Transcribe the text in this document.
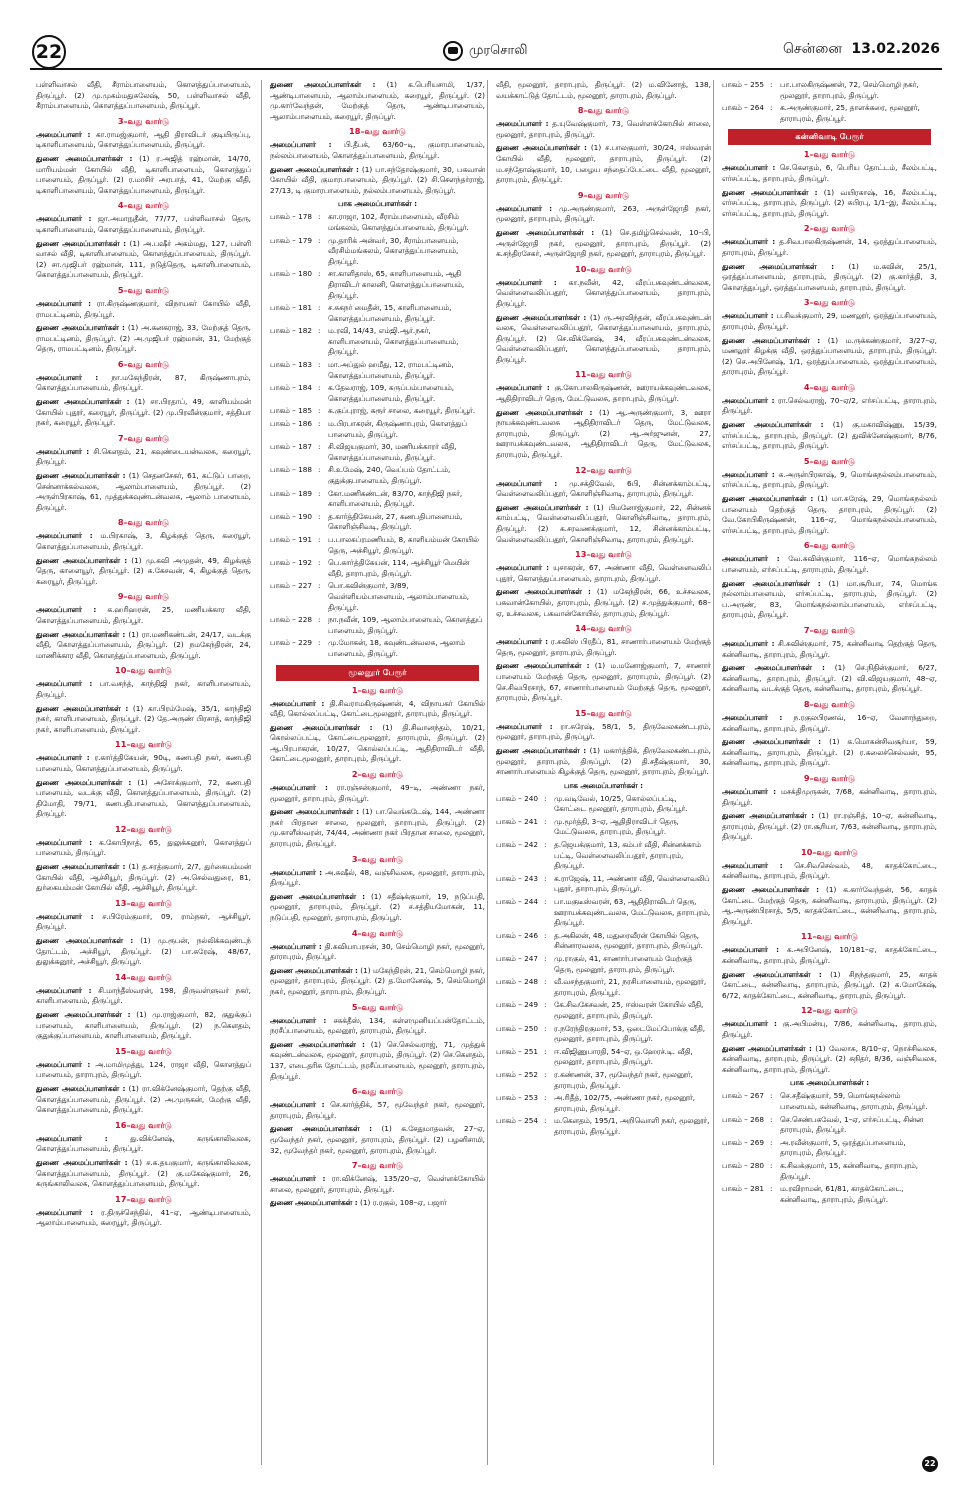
22	முரசொலி	சென்னை 13.02.2026

பள்ளிவாசல் வீதி, சீராம்பாளையம், கொளத்துப்பாளையம், திருப்பூர். (2) மு.முகம்மதுசுலேஷ், 50, பள்ளிவாசல் வீதி, சீராம்பாளையம், கொளத்துப்பாளையம், திருப்பூர்.

3–வது வார்டு

அமைப்பாளர் : கா.ராமஜ்குமார், ஆதி திராவிடர் குடியிருப்பு, டிகாளிபாளையம், கொளத்துப்பாளையம், திருப்பூர்.

துணை அமைப்பாளர்கள் : (1) ர.அஜித் ரஹ்மான், 14/70, மாரியம்மன் கோயில் வீதி, டிகாளிபாளையம், கொளத்துப் பாளையம், திருப்பூர். (2) ர.மாசிர் அரபாத், 41, மேற்கு வீதி, டிகாளிபாளையம், கொளத்துப்பாளையம், திருப்பூர்.

4–வது வார்டு

அமைப்பாளர் : ஜா.அமாநுதீன், 77/77, பள்ளிவாசல் தெரு, டிகாளிபாளையம், கொளத்துப்பாளையம், திருப்பூர்.

துணை அமைப்பாளர்கள் : (1) அ.பஷீர் அகம்மது, 127, பள்ளி வாசல் வீதி, டிகாளிபாளையம், கொளத்துப்பாளையம், திருப்பூர். (2) சா.முஜிபர் ரஹ்மான், 111, நடுத்தெரு, டிகாளிபாளையம், கொளத்துப்பாளையம், திருப்பூர்.

5–வது வார்டு

அமைப்பாளர் : ரா.கிருஷ்ணகுமார், விநாயகர் கோயில் வீதி, ராமபட்டினம், திருப்பூர்.

துணை அமைப்பாளர்கள் : (1) அ.கனகராஜ், 33, மேற்குத் தெரு, ராமபட்டினம், திருப்பூர். (2) அ.முஜிபர் ரஹ்மான், 31, மேற்குத் தெரு, ராமபட்டினம், திருப்பூர்.

6–வது வார்டு

அமைப்பாளர் : நா.மகேந்திரன், 87, கிருஷ்ணாபுரம், கொளத்துப்பாளையம், திருப்பூர்.

துணை அமைப்பாளர்கள் : (1) சா.பிரதாப், 49, காளியம்மன் கோயில் புதூர், கரையூர், திருப்பூர். (2) மு.பிரவீன்குமார், சத்தியா நகர், கரையூர், திருப்பூர்.

7–வது வார்டு

அமைப்பாளர் : சி.கௌதம், 21, கவுண்டையன்வலசு, கரையூர், திருப்பூர்.

துணை அமைப்பாளர்கள் : (1) செதனசேகர், 61, கட்டுப் பாறை, சென்னாக்கல்வலசு, ஆலாம்பாளையம், திருப்பூர். (2) அருள்பிரகாஷ், 61, முத்துக்கவுண்டன்வலசு, ஆலாம் பாளையம், திருப்பூர்.

8–வது வார்டு

அமைப்பாளர் : ம.பிரகாஷ், 3, கிழக்குத் தெரு, கரையூர், கொளத்துப்பாளையம், திருப்பூர்.

துணை அமைப்பாளர்கள் : (1) மு.கவி அமுதன், 49, கிழக்குத் தெரு, காளையூர், திருப்பூர். (2) க.கேசவன், 4, கிழக்குத் தெரு, கரையூர், திருப்பூர்.

9–வது வார்டு

அமைப்பாளர் : க.ஹரிஹரன், 25, மணியக்கார வீதி, கொளத்துப்பாளையம், திருப்பூர்.

துணை அமைப்பாளர்கள் : (1) ரா.மணிகண்டன், 24/17, வடக்கு வீதி, கொளத்துப்பாளையம், திருப்பூர். (2) நமகேந்திரன், 24, மாணிக்கார வீதி, கொளத்துப்பாளையம், திருப்பூர்.

10–வது வார்டு

அமைப்பாளர் : பா.வசந்த், காந்திஜி நகர், காளிபாளையம், திருப்பூர்.

துணை அமைப்பாளர்கள் : (1) கா.பிரம்மேஷ், 35/1, காந்திஜி நகர், காளிபாளையம், திருப்பூர். (2) தே.அருண் பிரசாத், காந்திஜி நகர், காளிபாளையம், திருப்பூர்.

11–வது வார்டு

அமைப்பாளர் : ர.கார்த்திகேயன், 90டி, கணபதி நகர், கணபதி பாளையம், கொளத்துப்பாளையம், திருப்பூர்.

துணை அமைப்பாளர்கள் : (1) அசோக்குமார், 72, கணபதி பாளையம், வடக்கு வீதி, கொளத்துப்பாளையம், திருப்பூர். (2) திமோதி, 79/71, கணபதிபாளையம், கொளத்துப்பாளையம், திருப்பூர்.

12–வது வார்டு

அமைப்பாளர் : க.கோபிநாத், 65, துலுக்கனூர், கொளத்துப் பாளையம், திருப்பூர்.

துணை அமைப்பாளர்கள் : (1) த.சரத்குமார், 2/7, துர்கையம்மன் கோயில் வீதி, ஆச்சியூர், திருப்பூர். (2) அ.செல்வதுரை, 81, துர்கையம்மன் கோயில் வீதி, ஆச்சியூர், திருப்பூர்.

13–வது வார்டு

அமைப்பாளர் : ச.பிரேம்குமார், 09, ராம்நகர், ஆச்சியூர், திருப்பூர்.

துணை அமைப்பாளர்கள் : (1) மு.ரூபன், நல்லிக்கவுண்டந் தோட்டம், அச்சியூர், திருப்பூர். (2) பா.சுரேஷ், 48/67, துலுக்கனூர், அச்சியூர், திருப்பூர்.

14–வது வார்டு

அமைப்பாளர் : சி.மாந்தீஸ்வரன், 198, திருவள்ளுவர் நகர், காளிபாளையம், திருப்பூர்.

துணை அமைப்பாளர்கள் : (1) மு.ராஜ்குமார், 82, குதுக்குப் பாளையம், காளிபாளையம், திருப்பூர். (2) ந.கௌதம், குதுக்குப்பாளையம், காளிபாளையம், திருப்பூர்.

15–வது வார்டு

அமைப்பாளர் : அ.மாமிமுத்து, 124, ராஜா வீதி, கொளத்துப் பாளையம், தாராபுரம், திருப்பூர்.

துணை அமைப்பாளர்கள் : (1) ரா.விக்னேஷ்குமார், தெற்கு வீதி, கொளத்துப்பாளையம், திருப்பூர். (2) அ.முருகன், மேற்கு வீதி, கொளத்துப்பாளையம், திருப்பூர்.

16–வது வார்டு

அமைப்பாளர் : து.விக்னேஷ், கருங்காலிவலசு, கொளத்துப்பாளையம், திருப்பூர்.

துணை அமைப்பாளர்கள் : (1) ச.க.தயகுமார், கருங்காலிவலசு, கொளத்துப்பாளையம், திருப்பூர். (2) கு.மகேஷ்குமார், 26, கருங்காலிவலசு, கொளத்துப்பாளையம், திருப்பூர்.

17–வது வார்டு

அமைப்பாளர் : ர.திருச்செந்தில், 41–ஏ, ஆண்டிபாளையம், ஆலாம்பாளையம், கரையூர், திருப்பூர்.

துணை அமைப்பாளர்கள் : (1) க.பெரியசாமி, 1/37, ஆண்டிபாளையம், ஆலாம்பாளையம், கரையூர், திருப்பூர். (2) மு.கார்வேந்தன், மேற்குத் தெரு, ஆண்டிபாளையம், ஆலாம்பாளையம், கரையூர், திருப்பூர்.

18–வது வார்டு

அமைப்பாளர் : பி.தீபக், 63/60–டி, குமாரபாளையம், நல்லம்பாளையம், கொளத்துப்பாளையம், திருப்பூர்.

துணை அமைப்பாளர்கள் : (1) பா.சந்தோஷ்குமார், 30, பகவான் கோயில் வீதி, குமாரபாளையம், திருப்பூர். (2) சி.சௌந்தர்ராஜ், 27/13, டி குமாரபாளையம், நல்லம்பாளையம், திருப்பூர்.

பாக அமைப்பாளர்கள் :
பாகம் – 178 :	கா.ராஜா, 102, சீராம்பாளையம், வீரசிம் மங்கலம், கொளத்துப்பாளையம், திருப்பூர்.
பாகம் – 179 :	மு.தாரிக் அன்வர், 30, சீராம்பாளையம், வீரசிம்மங்கலம், கொளத்துப்பாளையம், திருப்பூர்.
பாகம் – 180 :	சா.காளிதாஸ், 65, காளிபாளையம், ஆதி திராவிடர் காலனி, கொளத்துப்பாளையம், திருப்பூர்.
பாகம் – 181 :	ச.சுகநர் மைதீன், 15, காளிபாளையம், கொளத்துப்பாளையம், திருப்பூர்.
பாகம் – 182 :	ம.ரவி, 14/43, எம்ஜி.ஆர்.நகர், காளிபாளையம், கொளத்துப்பாளையம், திருப்பூர்.
பாகம் – 183 :	மா.அப்துல் ஹமீது, 12, ராமபட்டினம், கொளத்துப்பாளையம், திருப்பூர்.
பாகம் – 184 :	க.தேவராஜ், 109, கருப்பம்பாளையம், கொளத்துப்பாளையம், திருப்பூர்.
பாகம் – 185 :	க.குப்புராஜ், கரூர் சாலை, கரையூர், திருப்பூர்.
பாகம் – 186 :	ம.பிரபாகரன், கிருஷ்ணாபுரம், கொளத்துப் பாளையம், திருப்பூர்.
பாகம் – 187 :	சி.விஜயகுமார், 30, மணியக்காரர் வீதி, கொளத்துப்பாளையம், திருப்பூர்.
பாகம் – 188 :	சி.உமேஷ், 240, வெப்பம் தோட்டம், குதுக்குபாளையம், திருப்பூர்.
பாகம் – 189 :	கோ.மணிகண்டன், 83/70, காந்திஜி நகர், காளிபாளையம், திருப்பூர்.
பாகம் – 190 :	த.கார்த்திகேயன், 27, கணபதிபாளையம், கொளிஞ்சிவடி, திருப்பூர்.
பாகம் – 191 :	ப.பாலசுப்ரமணியம், 8, காளியம்மன் கோயில் தெரு, அச்சியூர், திருப்பூர்.
பாகம் – 192 :	பெ.கார்த்திகேயன், 114, ஆச்சியூர் மெயின் வீதி, தாராபுரம், திருப்பூர்.
பாகம் – 227 :	பொ.கவின்குமார், 3/89, வெள்ளியம்பாளையம், ஆலாம்பாளையம், திருப்பூர்.
பாகம் – 228 :	நா.நவீன், 109, ஆலாம்பாளையம், கொளத்துப் பாளையம், திருப்பூர்.
பாகம் – 229 :	மு.மோகன், 18, கவுண்டன்வலசு, ஆலாம் பாளையம், திருப்பூர்.
மூலனூர் பேரூர்
1–வது வார்டு

அமைப்பாளர் : தி.சிவராமகிருஷ்ணன், 4, விநாயகர் கோயில் வீதி, கொல்லப்பட்டி, கோட்டைமூலனூர், தாராபுரம், திருப்பூர்.

துணை அமைப்பாளர்கள் : (1) தி.சிவானந்தம், 10/21, கொல்லப்பட்டி, கோட்டைமூலனூர், தாராபுரம், திருப்பூர். (2) ஆ.பிரபாகரன், 10/27, கொல்லப்பட்டி, ஆதிதிராவிடர் வீதி, கோட்டைமூலனூர், தாராபுரம், திருப்பூர்.

2–வது வார்டு

அமைப்பாளர் : ரா.ரஞ்சன்குமார், 49–டி, அண்ணா நகர், மூலனூர், தாராபுரம், திருப்பூர்.

துணை அமைப்பாளர்கள் : (1) பா.வெங்கடேஷ், 144, அண்ணா நகர் பிரதான சாலை, மூலனூர், தாராபுரம், திருப்பூர். (2) மு.காளீஸ்வரன், 74/44, அண்ணா நகர் பிரதான சாலை, மூலனூர், தாராபுரம், திருப்பூர்.

3–வது வார்டு

அமைப்பாளர் : அ.சுஷீல், 48, வஞ்சிவலசு, மூலனூர், தாராபுரம், திருப்பூர்.

துணை அமைப்பாளர்கள் : (1) சதீஷ்க்குமார், 19, நடுப்பதி, மூலனூர், தாராபுரம், திருப்பூர். (2) ச.சத்தியமோகன், 11, நடுப்பதி, மூலனூர், தாராபுரம், திருப்பூர்.

4–வது வார்டு

அமைப்பாளர் : தி.சுவியாபரசன், 30, செம்மொழி நகர், மூலனூர், தாராபுரம், திருப்பூர்.

துணை அமைப்பாளர்கள் : (1) மகேந்திரன், 21, செம்மொழி நகர், மூலனூர், தாராபுரம், திருப்பூர். (2) த.மோனேஷ், 5, செம்மொழி நகர், மூலனூர், தாராபுரம், திருப்பூர்.

5–வது வார்டு

அமைப்பாளர் : சசுக்தீஸ், 134, சுள்ளமுனியப்பன்தோட்டம், நரசீப்பாளையம், மூலனூர், தாராபுரம், திருப்பூர்.

துணை அமைப்பாளர்கள் : (1) செ.செல்வராஜ், 71, முத்துக் கவுண்டன்வலசு, மூலனூர், தாராபுரம், திருப்பூர். (2) செ.கௌதம், 137, எடைதரிசு தோட்டம், நரசீப்பாளையம், மூலனூர், தாராபுரம், திருப்பூர்.

6–வது வார்டு

அமைப்பாளர் : செ.கார்த்திக், 57, மூவேந்தர் நகர், மூலனூர், தாராபுரம், திருப்பூர்.

துணை அமைப்பாளர்கள் : (1) க.சேதுமாதவன், 27–ஏ, மூவேந்தர் நகர், மூலனூர், தாராபுரம், திருப்பூர். (2) பழனிசாமி, 32, மூவேந்தர் நகர், மூலனூர், தாராபுரம், திருப்பூர்.

7–வது வார்டு

அமைப்பாளர் : ரா.விக்னேஷ், 135/20–ஏ, வெள்ளக்கோயில் சாலை, மூலனூர், தாராபுரம், திருப்பூர்.

துணை அமைப்பாளர்கள் : (1) ர.ரகுல், 108–ஏ, பஜார்

வீதி, மூலனூர், தாராபுரம், திருப்பூர். (2) ம.வினோத், 138, வயக்காட்டுத் தோட்டம், மூலனூர், தாராபுரம், திருப்பூர்.

8–வது வார்டு

அமைப்பாளர் : த.யுவேஷ்குமார், 73, வெள்ளக்கோயில் சாலை, மூலனூர், தாராபுரம், திருப்பூர்.

துணை அமைப்பாளர்கள் : (1) ச.பாலகுமார், 30/24, ஈஸ்வரன் கோயில் வீதி, மூலனூர், தாராபுரம், திருப்பூர். (2) ம.சந்தோஷ்குமார், 10, பழைய சந்தைப்பேட்டை வீதி, மூலனூர், தாராபுரம், திருப்பூர்.

9–வது வார்டு

அமைப்பாளர் : மு.அருண்குமார், 263, அருள்ஜோதி நகர், மூலனூர், தாராபுரம், திருப்பூர்.

துணை அமைப்பாளர்கள் : (1) செ.தமிழ்செல்வன், 10–பி, அருள்ஜோதி நகர், மூலனூர், தாராபுரம், திருப்பூர். (2) க.சந்திரசேகர், அருள்ஜோதி நகர், மூலனூர், தாராபுரம், திருப்பூர்.

10–வது வார்டு

அமைப்பாளர் : கா.நவீன், 42, வீரப்பகவுண்டன்வலசு, வெள்ளைவலிப்பதூர், கொளத்துப்பாளையம், தாராபுரம், திருப்பூர்.

துணை அமைப்பாளர்கள் : (1) ரு.அரவிந்தன், வீரப்பகவுண்டன் வலசு, வெள்ளைவலிப்பதூர், கொளத்துப்பாளையம், தாராபுரம், திருப்பூர். (2) செ.விக்னேஷ், 34, வீரப்பகவுண்டன்வலசு, வெள்ளைவலிப்பதூர், கொளத்துப்பாளையம், தாராபுரம், திருப்பூர்.

11–வது வார்டு

அமைப்பாளர் : கு.கோபாலகிருஷ்ணன், ஊராயக்கவுண்டவலசு, ஆதிதிராவிடர் தெரு, மேட்டுவலசு, தாராபுரம், திருப்பூர்.

துணை அமைப்பாளர்கள் : (1) ஆ.அருண்குமார், 3, ஊரா நாயக்கவுண்டவலசு ஆதிதிராவிடர் தெரு, மேட்டுவலசு, தாராபுரம், திருப்பூர். (2) ஆ.அர்ஜுனன், 27, ஊராயக்கவுண்டவலசு, ஆதிதிராவிடர் தெரு, மேட்டுவலசு, தாராபுரம், திருப்பூர்.

12–வது வார்டு

அமைப்பாளர் : மு.சக்திவேல், 6பி, சின்னக்காம்பட்டி, வெள்ளைவலிப்பதூர், கொளிஞ்சிவாடி, தாராபுரம், திருப்பூர்.

துணை அமைப்பாளர்கள் : (1) பிமனோஜ்குமார், 22, சின்னக் காம்பட்டி, வெள்ளைவலிப்பதூர், கொளிஞ்சிவாடி, தாராபுரம், திருப்பூர். (2) க.சரவணக்குமார், 12, சின்னக்காம்பட்டி, வெள்ளைவலிப்பதூர், கொளிஞ்சிவாடி, தாராபுரம், திருப்பூர்.

13–வது வார்டு

அமைப்பாளர் : யுசாகரன், 67, அண்ணா வீதி, வெள்ளைவலிப் புதூர், கொளத்துப்பாளையம், தாராபுரம், திருப்பூர்.

துணை அமைப்பாளர்கள் : (1) மகேந்திரன், 66, உச்சவலசு, பகவான்கோயில், தாராபுரம், திருப்பூர். (2) ச.முத்துக்குமார், 68–ஏ, உச்சவலசு, பகவான்கோயில், தாராபுரம், திருப்பூர்.

14–வது வார்டு

அமைப்பாளர் : ர.சுவிஸ் பிரதீப், 81, சாணார்பாளையம் மேற்குத் தெரு, மூலனூர், தாராபுரம், திருப்பூர்.

துணை அமைப்பாளர்கள் : (1) ம.மனோஜ்குமார், 7, சாணார் பாளையம் மேற்குத் தெரு, மூலனூர், தாராபுரம், திருப்பூர். (2) செ.சிவபிரசாந், 67, சாணார்பாளையம் மேற்குத் தெரு, மூலனூர், தாராபுரம், திருப்பூர்.

15–வது வார்டு

அமைப்பாளர் : ரா.சுரேஷ், 58/1, 5, திருவேலகண்டபுரம், மூலனூர், தாராபுரம், திருப்பூர்.

துணை அமைப்பாளர்கள் : (1) மகார்த்திக், திருவேலகண்டபுரம், மூலனூர், தாராபுரம், திருப்பூர். (2) தி.சதீஷ்குமார், 30, சாணார்பாளையம் கிழக்குத் தெரு, மூலனூர், தாராபுரம், திருப்பூர்.

பாக அமைப்பாளர்கள் :
பாகம் – 240 :	மு.வடிவேல், 10/25, கொல்லப்பட்டி, கோட்டை மூலனூர், தாராபுரம், திருப்பூர்.
பாகம் – 241 :	மு.மூர்த்தி, 3–ஏ, ஆதிதிராவிடர் தெரு, மேட்டுவலசு, தாராபுரம், திருப்பூர்.
பாகம் – 242 :	த.ஜெயக்குமார், 13, கம்பர் வீதி, சின்னக்காம் பட்டி, வெள்ளைவலிப்பதூர், தாராபுரம், திருப்பூர்.
பாகம் – 243 :	க.ராஜேஷ், 11, அண்ணா வீதி, வெள்ளைவலிப் புதூர், தாராபுரம், திருப்பூர்.
பாகம் – 244 :	பா.மகுடீஸ்வரன், 63, ஆதிதிராவிடர் தெரு, ஊராயக்கவுண்டவலசு, மேட்டுவலசு, தாராபுரம், திருப்பூர்.
பாகம் – 246 :	த.அகிலன், 48, மதுரைவீரன் கோயில் தெரு, சின்னாரவலசு, மூலனூர், தாராபுரம், திருப்பூர்.
பாகம் – 247 :	மு.ராகுல், 41, சாணார்பாளையம் மேற்குத் தெரு, மூலனூர், தாராபுரம், திருப்பூர்.
பாகம் – 248 :	வீ.வசந்தகுமார், 21, நரசிபாளையம், மூலனூர், தாராபுரம், திருப்பூர்.
பாகம் – 249 :	கே.சிவகேசவன், 25, ஈஸ்வரன் கோயில் வீதி, மூலனூர், தாராபுரம், திருப்பூர்.
பாகம் – 250 :	ர.நரேந்திரகுமார், 53, ஒடைமேப்போக்கு வீதி, மூலனூர், தாராபுரம், திருப்பூர்.
பாகம் – 251 :	ஈ.விஜிணுபாரதி, 54–ஏ, ஒ.ஹேரச்.டி. வீதி, மூலனூர், தாராபுரம், திருப்பூர்.
பாகம் – 252 :	ர.கண்ணன், 37, மூவேந்தர் நகர், மூலனூர், தாராபுரம், திருப்பூர்.
பாகம் – 253 :	அ.ரிதீத், 102/75, அண்ணா நகர், மூலனூர், தாராபுரம், திருப்பூர்.
பாகம் – 254 :	ம.கௌதம், 195/1, அறிவொளி நகர், மூலனூர், தாராபுரம், திருப்பூர்.
பாகம் – 255 :	பா.பாலகிருஷ்ணன், 72, செம்மொழி நகர், மூலனூர், தாராபுரம், திருப்பூர்.
பாகம் – 264 :	க.அருண்குமார், 25, தாளக்கரை, மூலனூர், தாராபுரம், திருப்பூர்.
கன்னிவாடி பேரூர்
1–வது வார்டு

அமைப்பாளர் : செ.கௌதம், 6, பெரிய தோட்டம், சீலம்பட்டி, எர்சப்பட்டி, தாராபுரம், திருப்பூர்.

துணை அமைப்பாளர்கள் : (1) வயிரகாஷ், 16, சீலம்பட்டி, எர்சப்பட்டி, தாராபுரம், திருப்பூர். (2) சுபிரபு, 1/1–இ, சீலம்பட்டி, எர்சப்பட்டி, தாராபுரம், திருப்பூர்.

2–வது வார்டு

அமைப்பாளர் : த.சிவபாலகிருஷ்ணன், 14, ஒரத்துப்பாளையம், தாராபுரம், திருப்பூர்.

துணை அமைப்பாளர்கள் : (1) ம.கவின், 25/1, ஒரத்துப்பாளையம், தாராபுரம், திருப்பூர். (2) கு.கார்த்தி, 3, கொளத்துப்பூர், ஒரத்துப்பாளையம், தாராபுரம், திருப்பூர்.

3–வது வார்டு

அமைப்பாளர் : ப.சிவக்குமார், 29, மணலூர், ஒரத்துப்பாளையம், தாராபுரம், திருப்பூர்.

துணை அமைப்பாளர்கள் : (1) ம.ருக்கண்குமார், 3/27–ஏ, மணலூர் கிழக்கு வீதி, ஒரத்துப்பாளையம், தாராபுரம், திருப்பூர். (2) செ.அபினேஷ், 1/1, ஒரத்துப்பாளையம், ஒரத்துப்பாளையம், தாராபுரம், திருப்பூர்.

4–வது வார்டு

அமைப்பாளர் : ரா.செல்வராஜ், 70–ஏ/2, எர்சப்பட்டி, தாராபுரம், திருப்பூர்.

துணை அமைப்பாளர்கள் : (1) கு.மகாவிஷ்ணு, 15/39, எர்சப்பட்டி, தாராபுரம், திருப்பூர். (2) துவிக்னேஷ்குமார், 8/76, எர்சப்பட்டி, தாராபுரம், திருப்பூர்.

5–வது வார்டு

அமைப்பாளர் : க.அருள்பிரகாஷ், 9, மொங்கநல்லம்பாளையம், எர்சப்பட்டி, தாராபுரம், திருப்பூர்.

துணை அமைப்பாளர்கள் : (1) மா.சுரேஷ், 29, மொங்கநல்லம் பாளையம் தெற்குத் தெரு, தாராபுரம், திருப்பூர். (2) வே.கோபிகிருஷ்ணன், 116–ஏ, மொங்கநல்லம்பாளையம், எர்சப்பட்டி, தாராபுரம், திருப்பூர்.

6–வது வார்டு

அமைப்பாளர் : வே.சுவின்குமார், 116–ஏ, மொங்கநல்லம் பாளையம், எர்சப்பட்டி, தாராபுரம், திருப்பூர்.

துணை அமைப்பாளர்கள் : (1) மா.சூரியா, 74, மொங்க நல்லாம்பாளையம், எர்சப்பட்டி, தாராபுரம், திருப்பூர். (2) ப.அருண், 83, மொங்கநல்லாம்பாளையம், எர்சப்பட்டி, தாராபுரம், திருப்பூர்.

7–வது வார்டு

அமைப்பாளர் : சி.சுவின்குமார், 75, கன்னிவாடி தெற்குத் தெரு, கன்னிவாடி, தாராபுரம், திருப்பூர்.

துணை அமைப்பாளர்கள் : (1) செ.நிதின்குமார், 6/27, கன்னிவாடி, தாராபுரம், திருப்பூர். (2) வி.விஜயகுமார், 48–ஏ, கன்னிவாடி வடக்குத் தெரு, கன்னிவாடி, தாராபுரம், திருப்பூர்.

8–வது வார்டு

அமைப்பாளர் : ந.ரகுலபிரணவ், 16–ஏ, வேளாந்துறை, கன்னிவாடி, தாராபுரம், திருப்பூர்.

துணை அமைப்பாளர்கள் : (1) க.மொகன்சிவசூர்யா, 59, கன்னிவாடி, தாராபுரம், திருப்பூர். (2) ர.கலைச்செல்வன், 95, கன்னிவாடி, தாராபுரம், திருப்பூர்.

9–வது வார்டு

அமைப்பாளர் : மசக்திமுருகன், 7/68, கன்னிவாடி, தாராபுரம், திருப்பூர்.

துணை அமைப்பாளர்கள் : (1) ரா.ரஞ்சித், 10–ஏ, கன்னிவாடி, தாராபுரம், திருப்பூர். (2) ரா.சூரியா, 7/63, கன்னிவாடி, தாராபுரம், திருப்பூர்.

10–வது வார்டு

அமைப்பாளர் : செ.சிவசெல்வம், 48, காதக்கோட்டை, கன்னிவாடி, தாராபுரம், திருப்பூர்.

துணை அமைப்பாளர்கள் : (1) க.கார்வேந்தன், 56, காதக் கோட்டை மேற்குத் தெரு, கன்னிவாடி, தாராபுரம், திருப்பூர். (2) ஆ.அருண்பிரசாத், 5/5, காதக்கோட்டை, கன்னிவாடி, தாராபுரம், திருப்பூர்.

11–வது வார்டு

அமைப்பாளர் : க.அபினேஷ், 10/181–ஏ, காதக்கோட்டை, கன்னிவாடி, தாராபுரம், திருப்பூர்.

துணை அமைப்பாளர்கள் : (1) சிநந்தகுமார், 25, காதக் கோட்டை, கன்னிவாடி, தாராபுரம், திருப்பூர். (2) க.மோகேஷ், 6/72, காதக்கோட்டை, கன்னிவாடி, தாராபுரம், திருப்பூர்.

12–வது வார்டு

அமைப்பாளர் : கு.அபிமன்யு, 7/86, கன்னிவாடி, தாராபுரம், திருப்பூர்.

துணை அமைப்பாளர்கள் : (1) வேலாசு, 8/10–ஏ, நொச்சிவலசு, கன்னிவாடி, தாராபுரம், திருப்பூர். (2) சுநிதர், 8/36, வஞ்சிவலசு, கன்னிவாடி, தாராபுரம், திருப்பூர்.

பாக அமைப்பாளர்கள் :
பாகம் – 267 :	செ.சதீஷ்குமார், 59, மொங்கநல்லாம் பாளையம், கன்னிவாடி, தாராபுரம், திருப்பூர்.
பாகம் – 268 :	செ.செண்பகவேல், 1–ஏ, எர்சப்பட்டி, சின்ன தாராபுரம், திருப்பூர்.
பாகம் – 269 :	அ.ரவீன்குமார், 5, ஒரத்துப்பாளையம், தாராபுரம், திருப்பூர்.
பாகம் – 280 :	க.சிவக்குமார், 15, கன்னிவாடி, தாராபுரம், திருப்பூர்.
பாகம் – 281 :	ம.ரவிராமன், 61/81, காதக்கோட்டை, கன்னிவாடி, தாராபுரம், திருப்பூர்.
22
